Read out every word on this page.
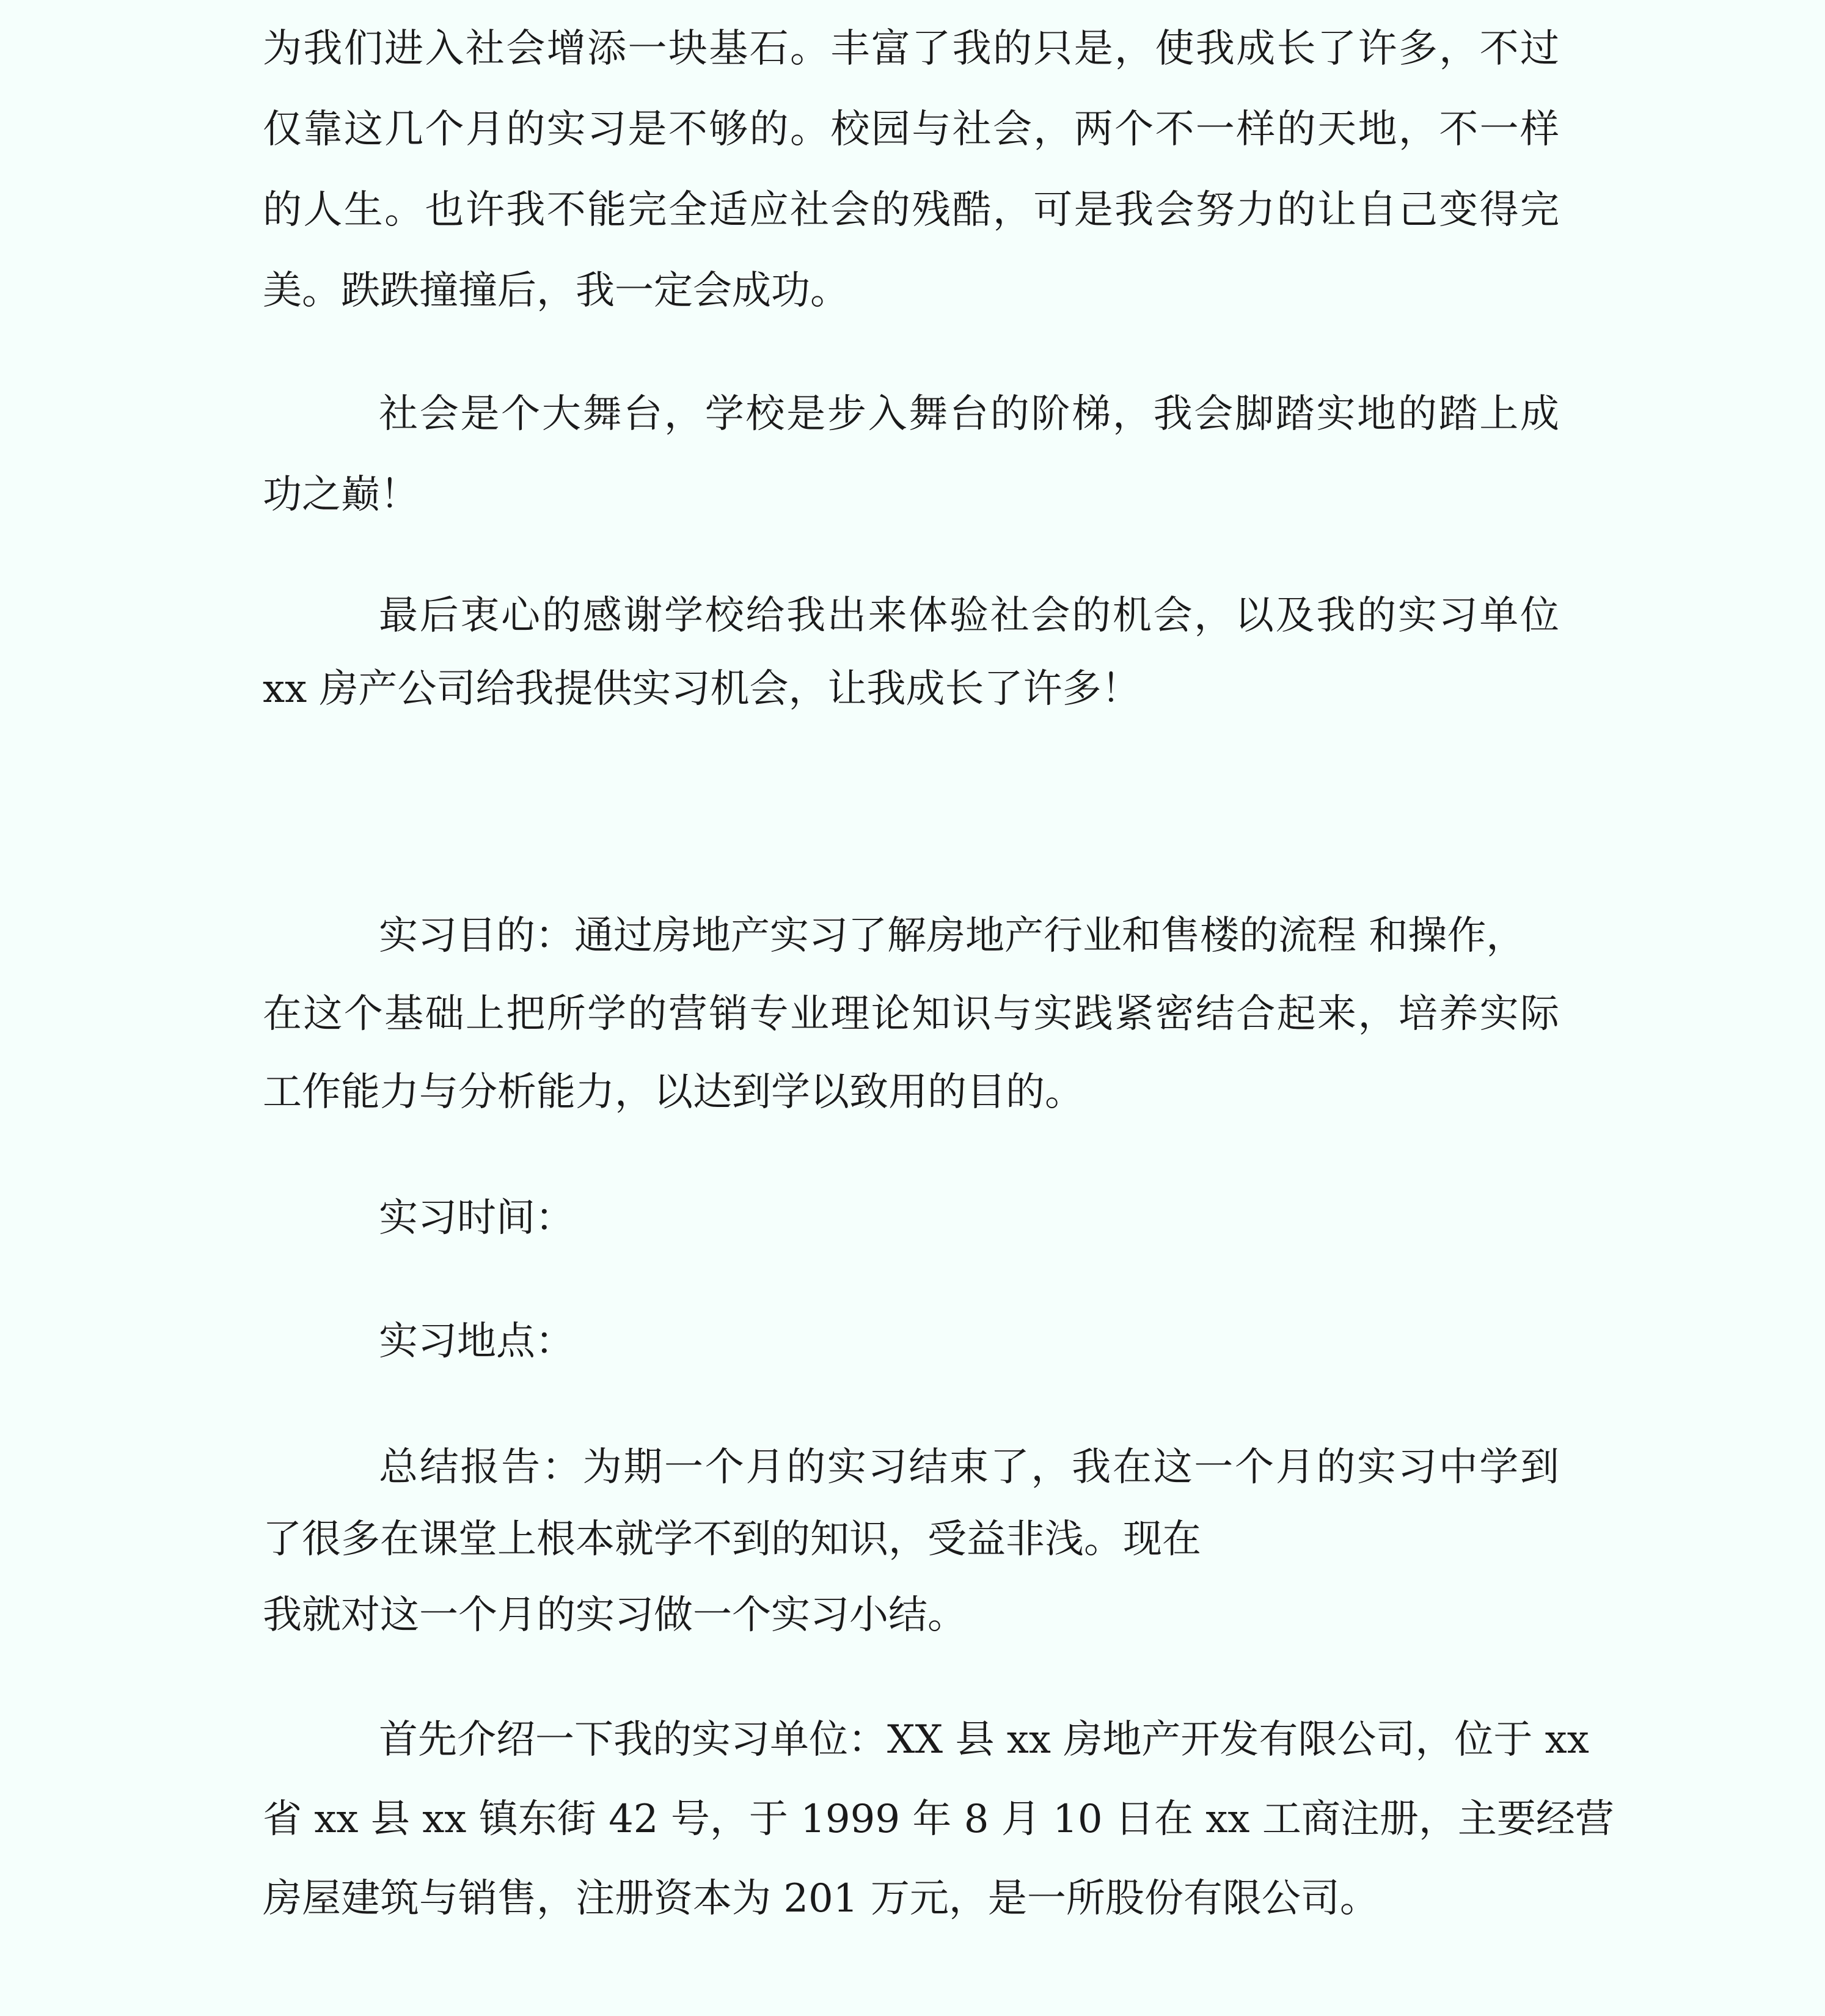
为我们进入社会增添一块基石。丰富了我的只是，使我成长了许多，不过

仅靠这几个月的实习是不够的。校园与社会，两个不一样的天地，不一样

的人生。也许我不能完全适应社会的残酷，可是我会努力的让自己变得完

美。跌跌撞撞后，我一定会成功。

社会是个大舞台，学校是步入舞台的阶梯，我会脚踏实地的踏上成

功之巅！

最后衷心的感谢学校给我出来体验社会的机会，以及我的实习单位

xx 房产公司给我提供实习机会，让我成长了许多！

实习目的：通过房地产实习了解房地产行业和售楼的流程 和操作，

在这个基础上把所学的营销专业理论知识与实践紧密结合起来，培养实际

工作能力与分析能力，以达到学以致用的目的。

实习时间：

实习地点：

总结报告：为期一个月的实习结束了，我在这一个月的实习中学到

了很多在课堂上根本就学不到的知识，受益非浅。现在

我就对这一个月的实习做一个实习小结。

首先介绍一下我的实习单位：XX 县 xx 房地产开发有限公司，位于 xx

省 xx 县 xx 镇东街 42 号，于 1999 年 8 月 10 日在 xx 工商注册，主要经营

房屋建筑与销售，注册资本为 201 万元，是一所股份有限公司。
